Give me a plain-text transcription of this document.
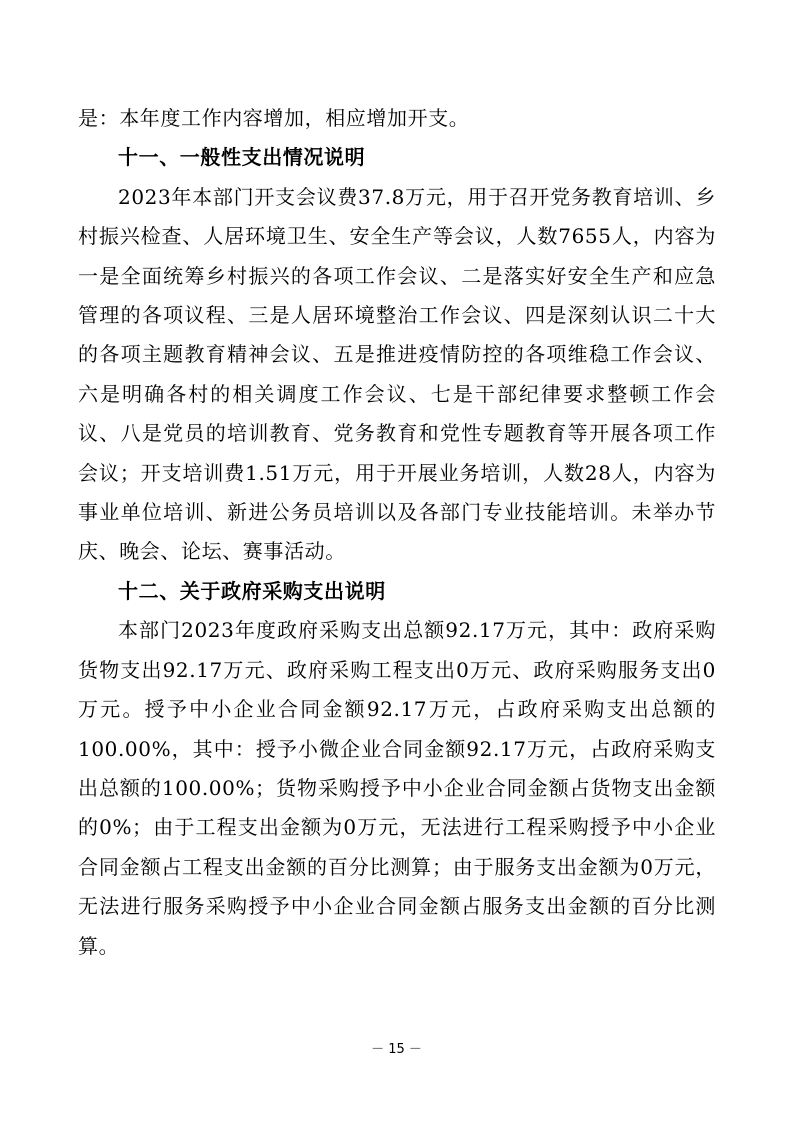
是：本年度工作内容增加，相应增加开支。

十一、一般性支出情况说明

2023年本部门开支会议费37.8万元，用于召开党务教育培训、乡村振兴检查、人居环境卫生、安全生产等会议，人数7655人，内容为一是全面统筹乡村振兴的各项工作会议、二是落实好安全生产和应急管理的各项议程、三是人居环境整治工作会议、四是深刻认识二十大的各项主题教育精神会议、五是推进疫情防控的各项维稳工作会议、六是明确各村的相关调度工作会议、七是干部纪律要求整顿工作会议、八是党员的培训教育、党务教育和党性专题教育等开展各项工作会议；开支培训费1.51万元，用于开展业务培训，人数28人，内容为事业单位培训、新进公务员培训以及各部门专业技能培训。未举办节庆、晚会、论坛、赛事活动。

十二、关于政府采购支出说明

本部门2023年度政府采购支出总额92.17万元，其中：政府采购货物支出92.17万元、政府采购工程支出0万元、政府采购服务支出0万元。授予中小企业合同金额92.17万元，占政府采购支出总额的100.00%，其中：授予小微企业合同金额92.17万元，占政府采购支出总额的100.00%；货物采购授予中小企业合同金额占货物支出金额的0%；由于工程支出金额为0万元，无法进行工程采购授予中小企业合同金额占工程支出金额的百分比测算；由于服务支出金额为0万元，无法进行服务采购授予中小企业合同金额占服务支出金额的百分比测算。

－ 15 －
